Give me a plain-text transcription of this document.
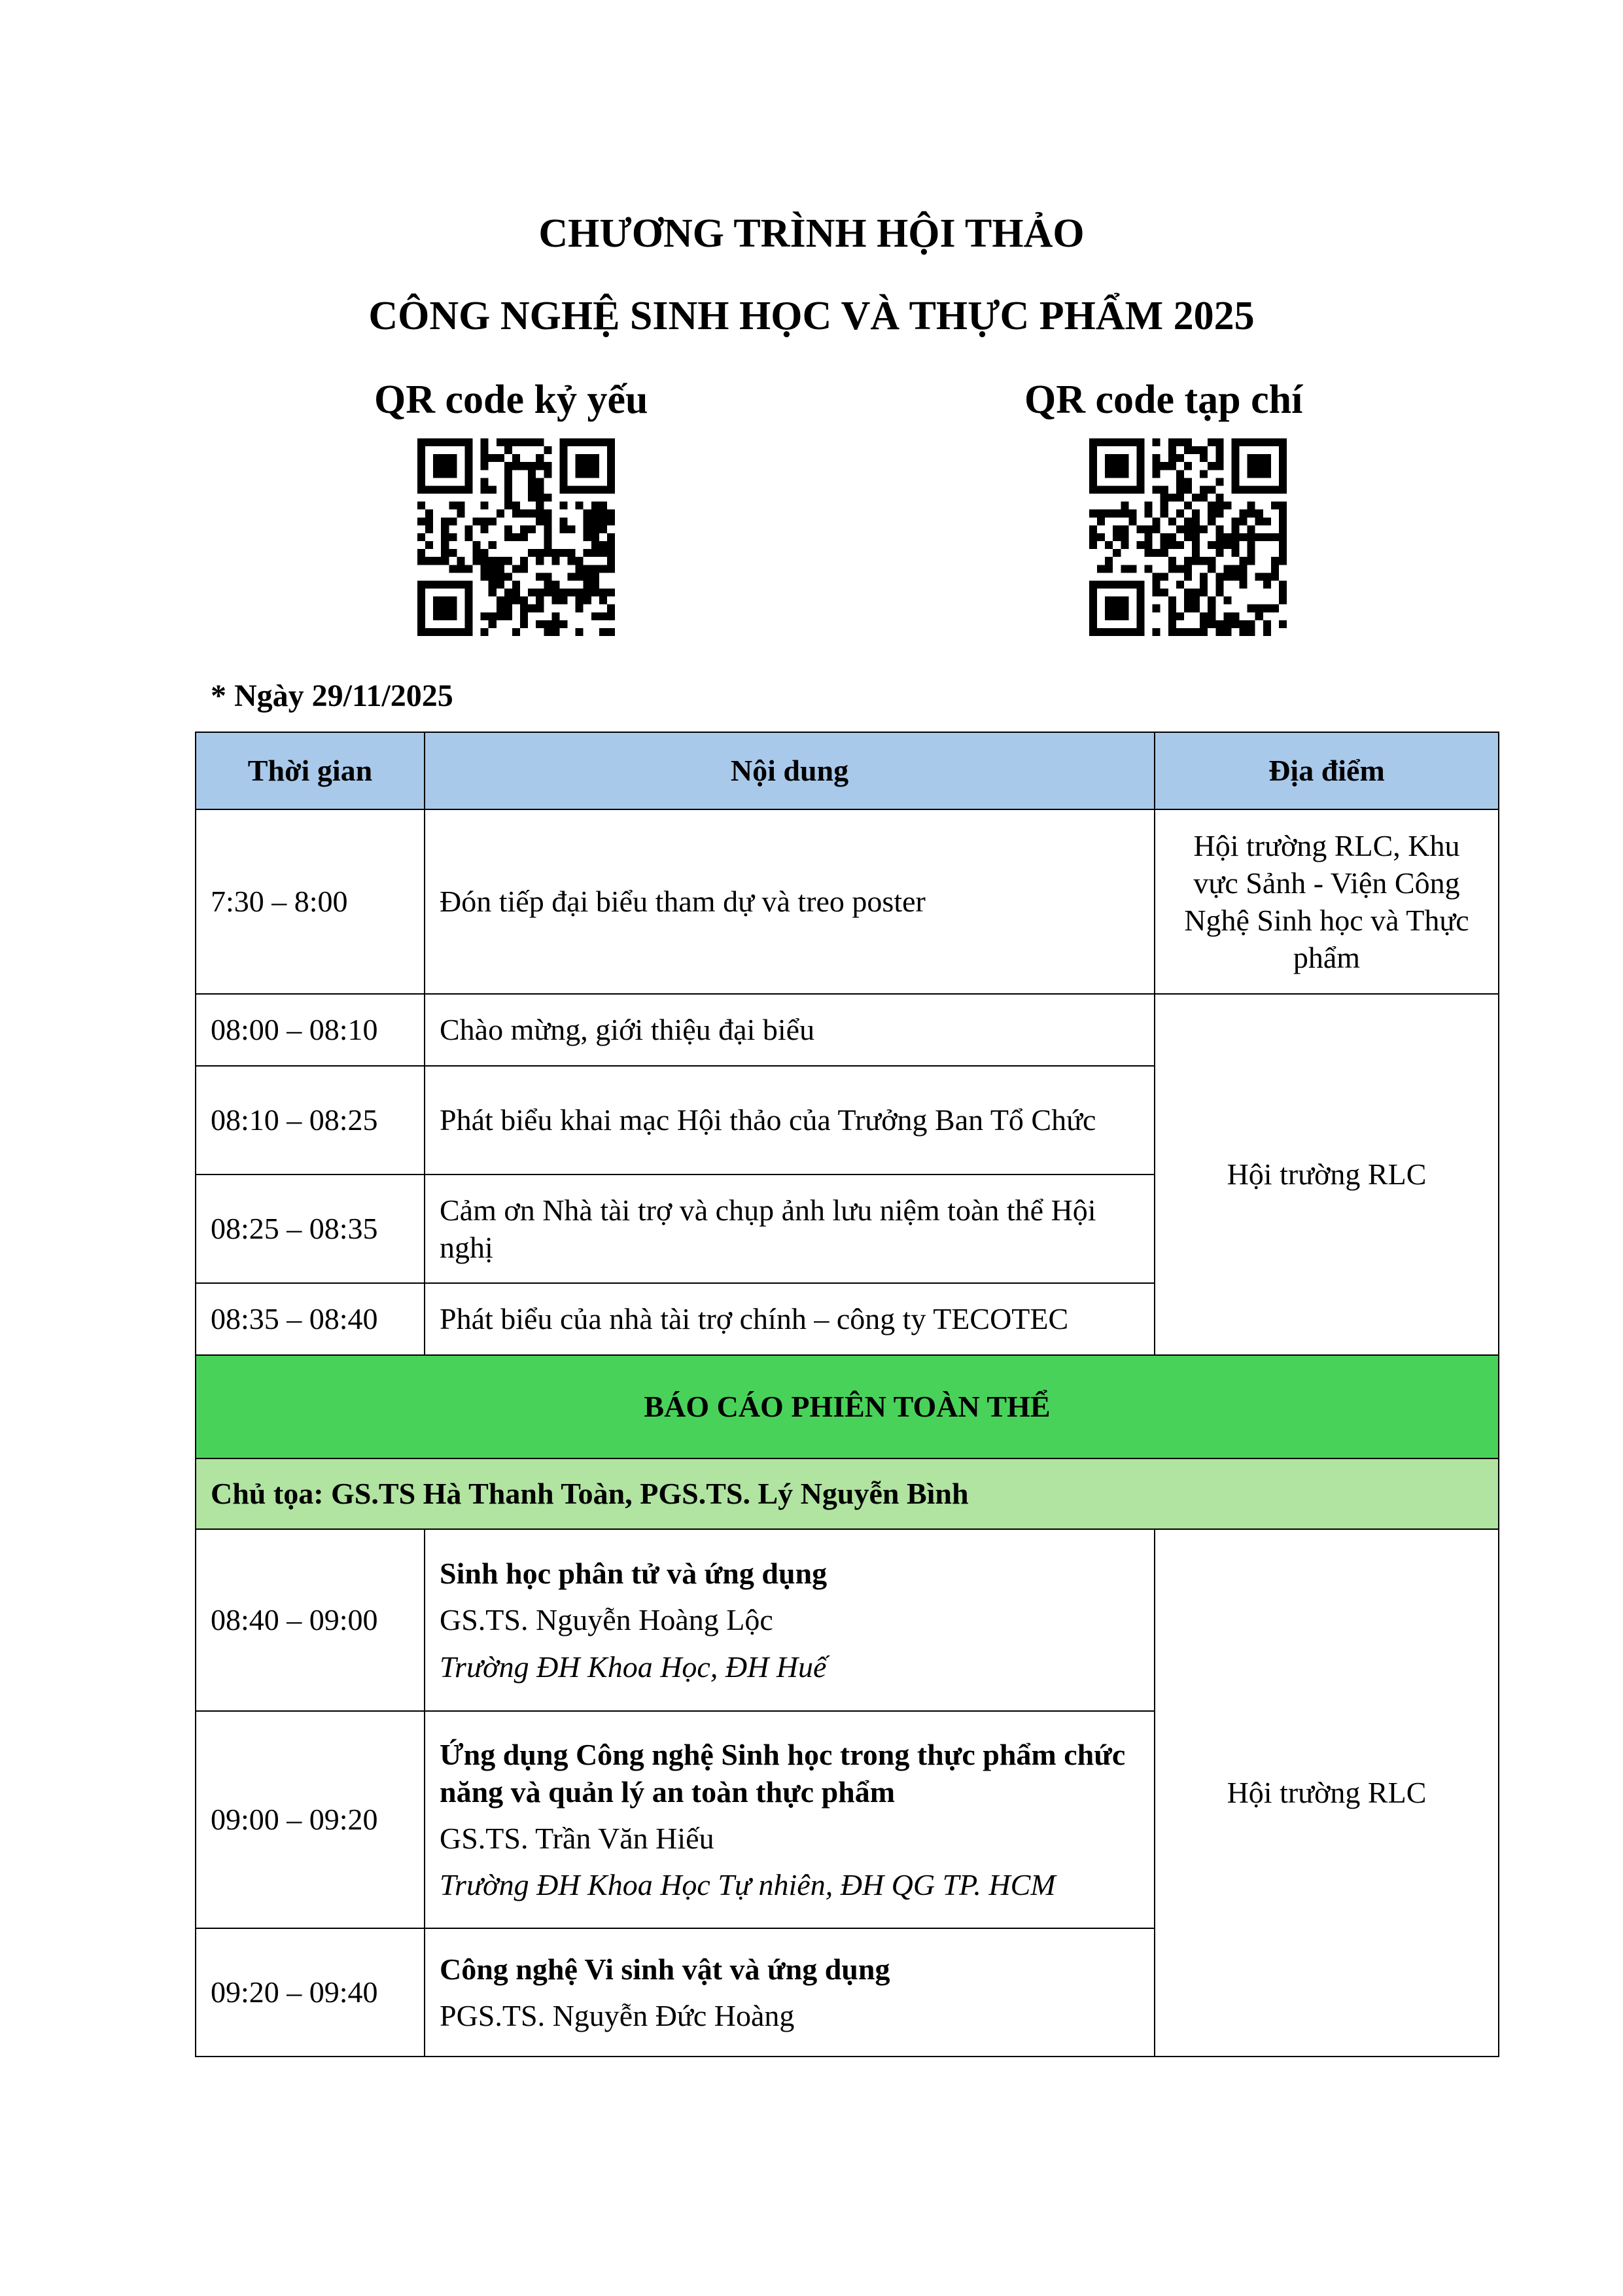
CHƯƠNG TRÌNH HỘI THẢO
CÔNG NGHỆ SINH HỌC VÀ THỰC PHẨM 2025
QR code kỷ yếu	QR code tạp chí

* Ngày 29/11/2025

Thời gian	Nội dung	Địa điểm
7:30 – 8:00	Đón tiếp đại biểu tham dự và treo poster	Hội trường RLC, Khu vực Sảnh - Viện Công Nghệ Sinh học và Thực phẩm
08:00 – 08:10	Chào mừng, giới thiệu đại biểu	Hội trường RLC
08:10 – 08:25	Phát biểu khai mạc Hội thảo của Trưởng Ban Tổ Chức	
08:25 – 08:35	Cảm ơn Nhà tài trợ và chụp ảnh lưu niệm toàn thể Hội nghị	
08:35 – 08:40	Phát biểu của nhà tài trợ chính – công ty TECOTEC	
BÁO CÁO PHIÊN TOÀN THỂ		
Chủ tọa: GS.TS Hà Thanh Toàn, PGS.TS. Lý Nguyễn Bình		
08:40 – 09:00	Sinh học phân tử và ứng dụng
GS.TS. Nguyễn Hoàng Lộc
Trường ĐH Khoa Học, ĐH Huế	Hội trường RLC
09:00 – 09:20	Ứng dụng Công nghệ Sinh học trong thực phẩm chức năng và quản lý an toàn thực phẩm
GS.TS. Trần Văn Hiếu
Trường ĐH Khoa Học Tự nhiên, ĐH QG TP. HCM	

09:20 – 09:40	Công nghệ Vi sinh vật và ứng dụng
PGS.TS. Nguyễn Đức Hoàng	
